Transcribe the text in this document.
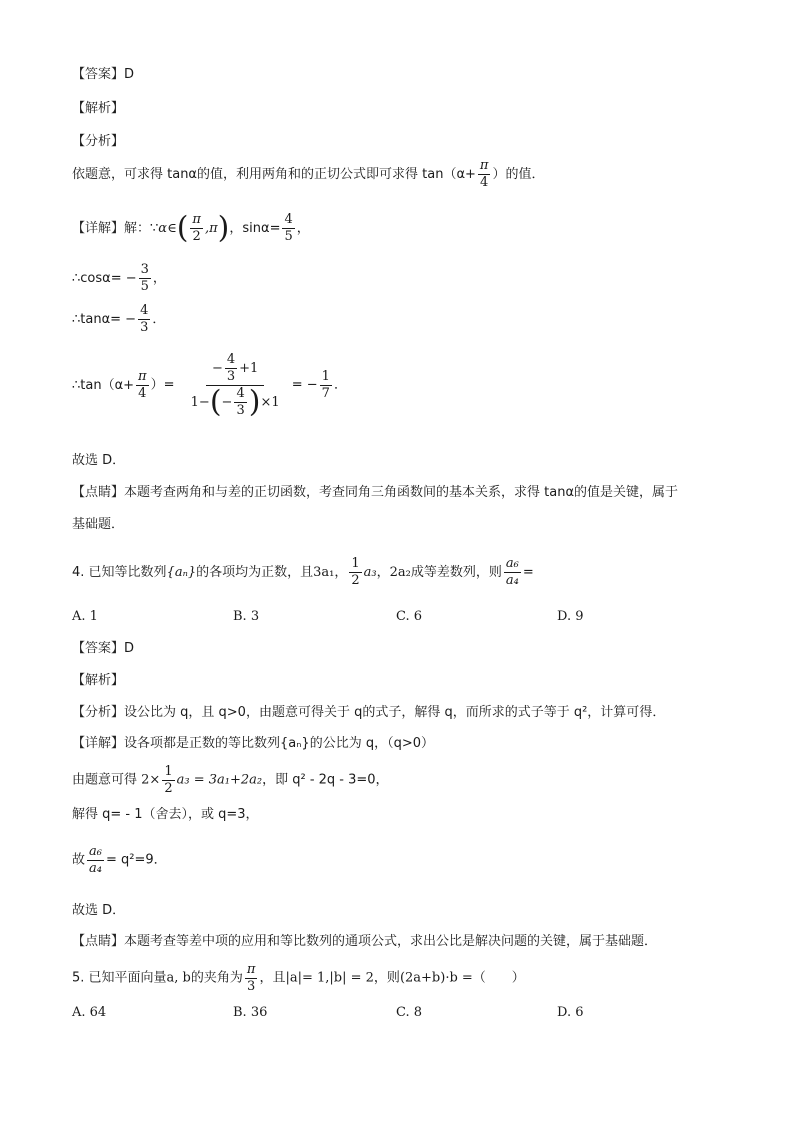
【答案】D
【解析】
【分析】
依题意，可求得 tanα的值，利用两角和的正切公式即可求得 $\tan(\alpha+ \frac{\pi}{4}$ ）的值．
【详解】解：∵α∈( $\frac{\pi}{2} ,\pi$)，$\sin\alpha= \frac{4}{5}$ ，
∴cosα= − $\frac{3}{5}$ ，
∴tanα= − $\frac{4}{3}$ ．
∴tan（α+ $\frac{\pi}{4}$ ）= $\frac{- \frac{4}{3} +1}{1-(- \frac{4}{3} )\times 1}$ = − $\frac{1}{7}$ ．
故选 D．
【点睛】本题考查两角和与差的正切函数，考查同角三角函数间的基本关系，求得 tanα的值是关键，属于
基础题．
4. 已知等比数列{aₙ}的各项均为正数，且3a₁， $\frac{1}{2} a_3$，2a₂成等差数列，则 $\frac{\text{a₆}}{\text{a₄}}$ =
A. 1	B. 3	C. 6	D. 9
【答案】D
【解析】
【分析】设公比为 q，且 q>0，由题意可得关于 q的式子，解得 q，而所求的式子等于 q²，计算可得．
【详解】设各项都是正数的等比数列{aₙ}的公比为 q，（q>0）
由题意可得 $2\times \frac{1}{2} a_3 = 3a_1+2a_2$，即 q² - 2q - 3=0，
解得 q= - 1（舍去），或 q=3，
故 $\frac{\text{a₆}}{\text{a₄}} = q^2=9$．
故选 D．
【点睛】本题考查等差中项的应用和等比数列的通项公式，求出公比是解决问题的关键，属于基础题．
5. 已知平面向量a, b的夹角为 $\frac{\pi}{3}$ ，且|a|= 1,|b| = 2，则(2a+b)·b =（　　）
A. 64	B. 36	C. 8	D. 6
